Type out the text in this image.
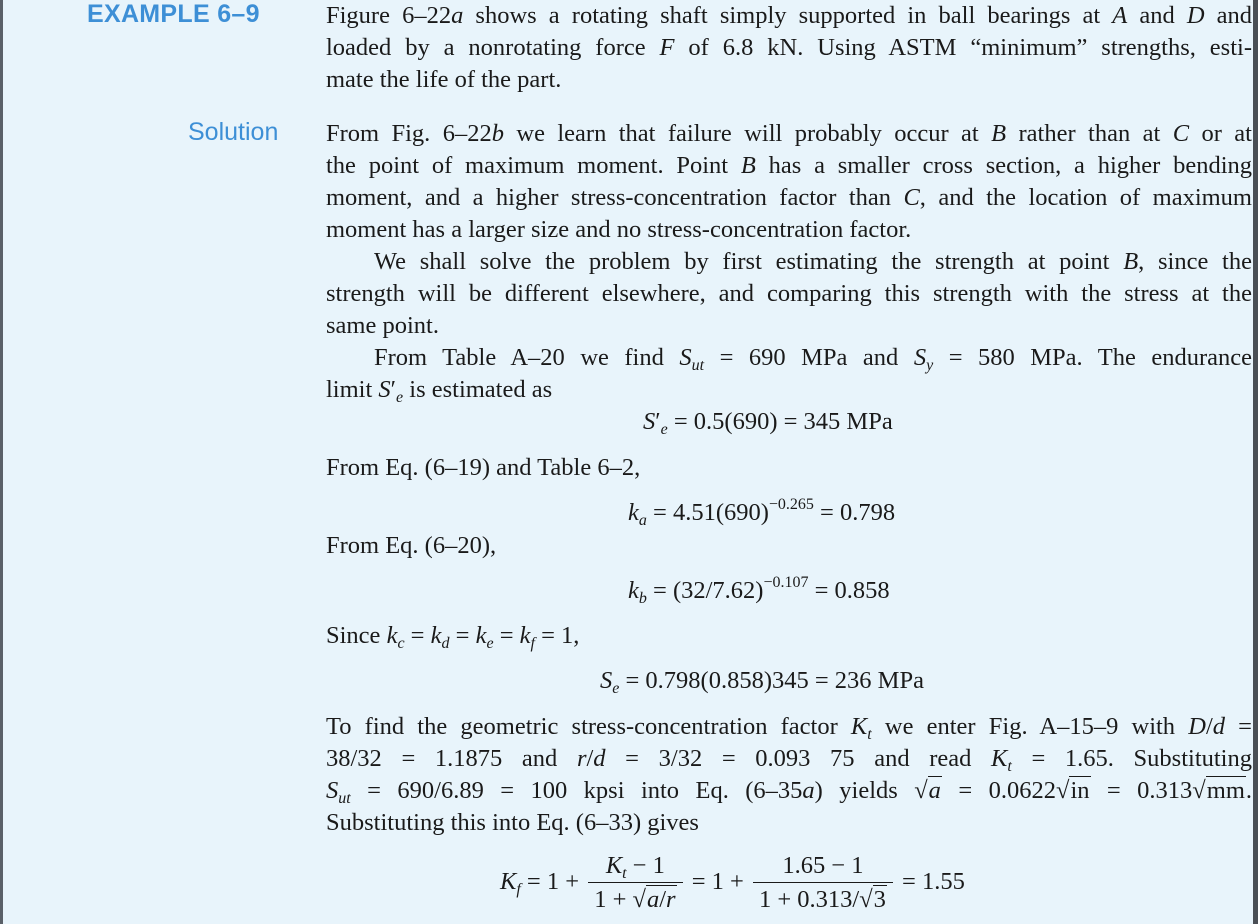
EXAMPLE 6–9
Solution
Figure 6–22a shows a rotating shaft simply supported in ball bearings at A and D and
loaded by a nonrotating force F of 6.8 kN. Using ASTM “minimum” strengths, esti-
mate the life of the part.
From Fig. 6–22b we learn that failure will probably occur at B rather than at C or at
the point of maximum moment. Point B has a smaller cross section, a higher bending
moment, and a higher stress-concentration factor than C, and the location of maximum
moment has a larger size and no stress-concentration factor.
We shall solve the problem by first estimating the strength at point B, since the
strength will be different elsewhere, and comparing this strength with the stress at the
same point.
From Table A–20 we find $S_{ut} = 690$ MPa and $S_y = 580$ MPa. The endurance
limit $S'_e$ is estimated as
$S'_e = 0.5(690) = 345$ MPa
From Eq. (6–19) and Table 6–2,
$k_a = 4.51(690)^{-0.265} = 0.798$
From Eq. (6–20),
$k_b = (32/7.62)^{-0.107} = 0.858$
Since $k_c = k_d = k_e = k_f = 1$,
$S_e = 0.798(0.858)345 = 236$ MPa
To find the geometric stress-concentration factor $K_t$ we enter Fig. A–15–9 with D/d =
38/32 = 1.1875 and r/d = 3/32 = 0.093 75 and read $K_t = 1.65$. Substituting
$S_{ut} = 690/6.89 = 100$ kpsi into Eq. (6–35a) yields √a = 0.0622√in = 0.313√mm.
Substituting this into Eq. (6–33) gives
$K_f = 1 + \frac{K_t - 1}{1 + √a/r} = 1 + \frac{1.65 - 1}{1 + 0.313/√3} = 1.55$
